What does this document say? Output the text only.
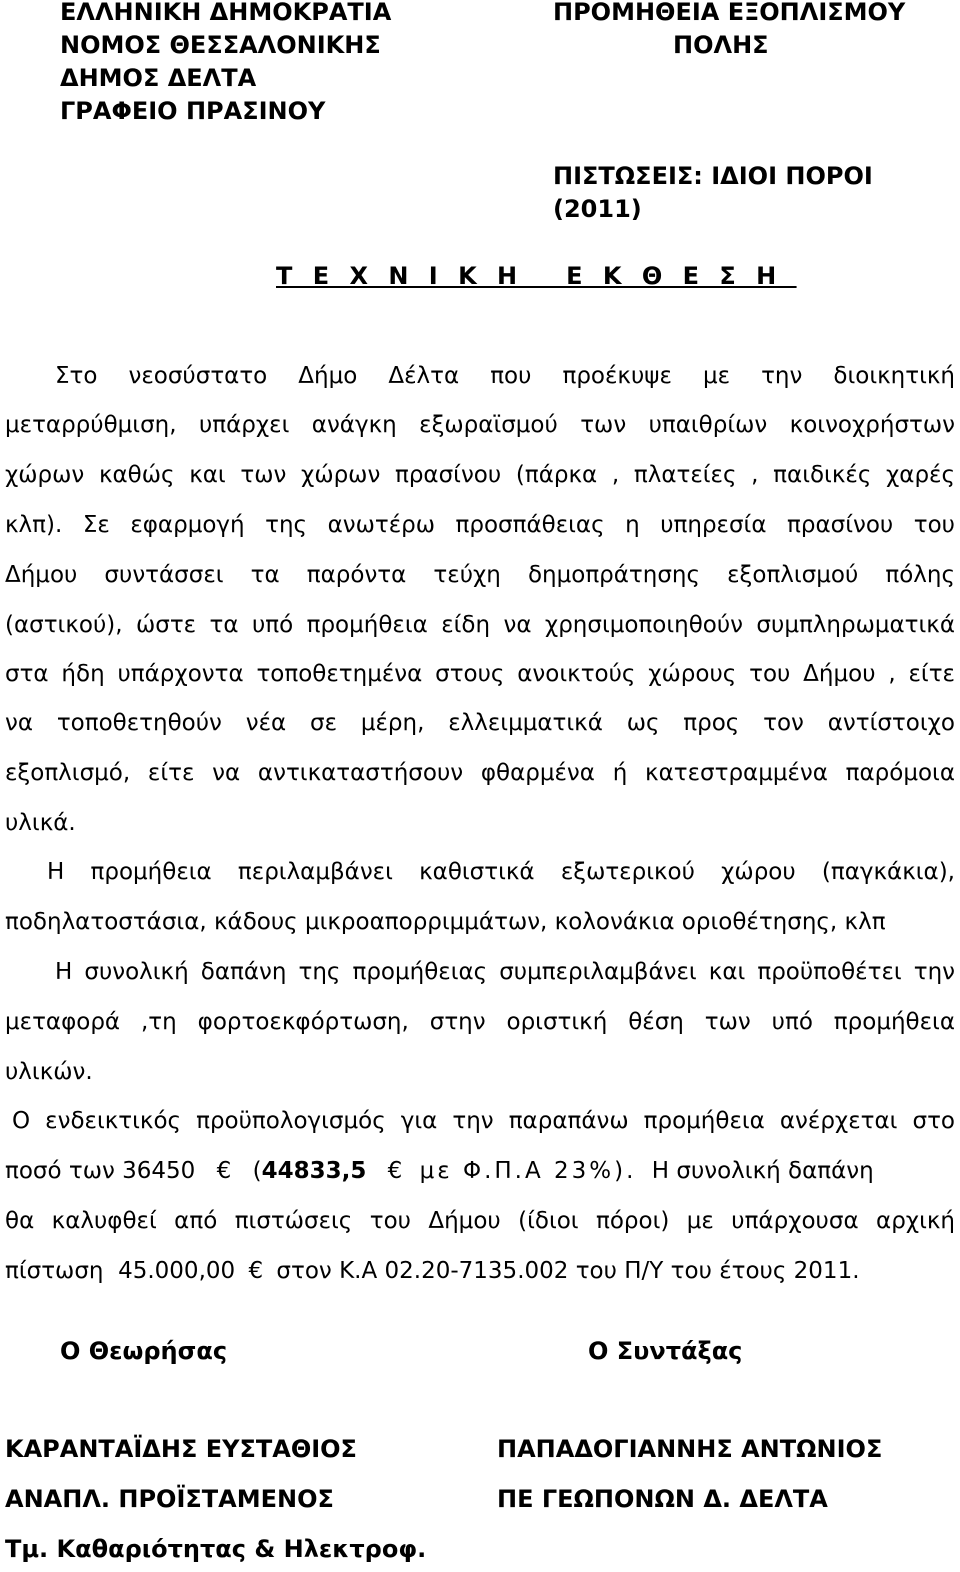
ΕΛΛΗΝΙΚΗ ΔΗΜΟΚΡΑΤΙΑ
ΝΟΜΟΣ ΘΕΣΣΑΛΟΝΙΚΗΣ
ΔΗΜΟΣ ΔΕΛΤΑ
ΓΡΑΦΕΙΟ ΠΡΑΣΙΝΟΥ
ΠΡΟΜΗΘΕΙΑ ΕΞΟΠΛΙΣΜΟΥ
ΠΟΛΗΣ
ΠΙΣΤΩΣΕΙΣ: ΙΔΙΟΙ ΠΟΡΟΙ
(2011)
Τ Ε Χ Ν Ι Κ Η   Ε Κ Θ Ε Σ Η
Στο νεοσύστατο Δήμο Δέλτα που προέκυψε με την διοικητική
μεταρρύθμιση, υπάρχει ανάγκη εξωραϊσμού των υπαιθρίων κοινοχρήστων
χώρων καθώς και των χώρων πρασίνου (πάρκα , πλατείες , παιδικές χαρές
κλπ). Σε εφαρμογή της ανωτέρω προσπάθειας η υπηρεσία πρασίνου του
Δήμου συντάσσει τα παρόντα τεύχη δημοπράτησης εξοπλισμού πόλης
(αστικού), ώστε τα υπό προμήθεια είδη να χρησιμοποιηθούν συμπληρωματικά
στα ήδη υπάρχοντα τοποθετημένα στους ανοικτούς χώρους του Δήμου , είτε
να τοποθετηθούν νέα σε μέρη, ελλειμματικά ως προς τον αντίστοιχο
εξοπλισμό, είτε να αντικαταστήσουν φθαρμένα ή κατεστραμμένα παρόμοια
υλικά.
Η προμήθεια περιλαμβάνει καθιστικά εξωτερικού χώρου (παγκάκια),
ποδηλατοστάσια, κάδους μικροαπορριμμάτων, κολονάκια οριοθέτησης, κλπ
Η συνολική δαπάνη της προμήθειας συμπεριλαμβάνει και προϋποθέτει την
μεταφορά ,τη φορτοεκφόρτωση, στην οριστική θέση των υπό προμήθεια
υλικών.
Ο ενδεικτικός προϋπολογισμός για την παραπάνω προμήθεια ανέρχεται στο
ποσό των 36450 € (44833,5 € με Φ.Π.Α 23%). Η συνολική δαπάνη
θα καλυφθεί από πιστώσεις του Δήμου (ίδιοι πόροι) με υπάρχουσα αρχική
πίστωση  45.000,00 € στον Κ.Α 02.20-7135.002 του Π/Υ του έτους 2011.
Ο Θεωρήσας	Ο Συντάξας
ΚΑΡΑΝΤΑΪΔΗΣ ΕΥΣΤΑΘΙΟΣ	ΠΑΠΑΔΟΓΙΑΝΝΗΣ ΑΝΤΩΝΙΟΣ
ΑΝΑΠΛ. ΠΡΟΪΣΤΑΜΕΝΟΣ	ΠΕ ΓΕΩΠΟΝΩΝ Δ. ΔΕΛΤΑ
Τμ. Καθαριότητας & Ηλεκτροφ.
